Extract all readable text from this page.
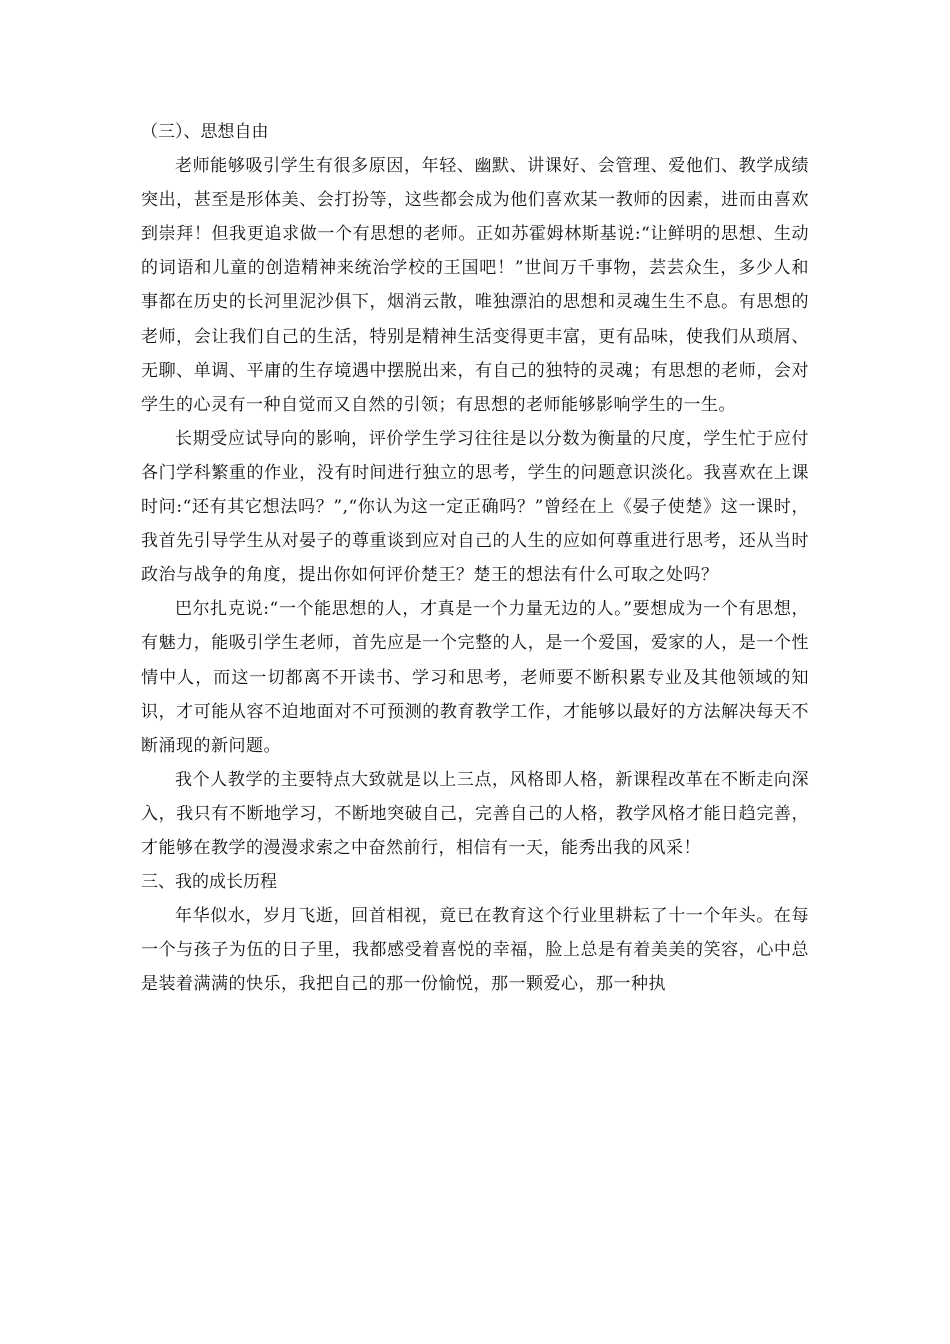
（三）、思想自由

老师能够吸引学生有很多原因，年轻、幽默、讲课好、会管理、爱他们、教学成绩突出，甚至是形体美、会打扮等，这些都会成为他们喜欢某一教师的因素，进而由喜欢到崇拜！但我更追求做一个有思想的老师。正如苏霍姆林斯基说:“让鲜明的思想、生动的词语和儿童的创造精神来统治学校的王国吧！”世间万千事物，芸芸众生，多少人和事都在历史的长河里泥沙俱下，烟消云散，唯独漂泊的思想和灵魂生生不息。有思想的老师，会让我们自己的生活，特别是精神生活变得更丰富，更有品味，使我们从琐屑、无聊、单调、平庸的生存境遇中摆脱出来，有自己的独特的灵魂；有思想的老师，会对学生的心灵有一种自觉而又自然的引领；有思想的老师能够影响学生的一生。

长期受应试导向的影响，评价学生学习往往是以分数为衡量的尺度，学生忙于应付各门学科繁重的作业，没有时间进行独立的思考，学生的问题意识淡化。我喜欢在上课时问:“还有其它想法吗？”,“你认为这一定正确吗？”曾经在上《晏子使楚》这一课时，我首先引导学生从对晏子的尊重谈到应对自己的人生的应如何尊重进行思考，还从当时政治与战争的角度，提出你如何评价楚王？楚王的想法有什么可取之处吗？

巴尔扎克说:“一个能思想的人，才真是一个力量无边的人。”要想成为一个有思想，有魅力，能吸引学生老师，首先应是一个完整的人，是一个爱国，爱家的人，是一个性情中人，而这一切都离不开读书、学习和思考，老师要不断积累专业及其他领域的知识，才可能从容不迫地面对不可预测的教育教学工作，才能够以最好的方法解决每天不断涌现的新问题。

我个人教学的主要特点大致就是以上三点，风格即人格，新课程改革在不断走向深入，我只有不断地学习，不断地突破自己，完善自己的人格，教学风格才能日趋完善，才能够在教学的漫漫求索之中奋然前行，相信有一天，能秀出我的风采！

三、我的成长历程

年华似水，岁月飞逝，回首相视，竟已在教育这个行业里耕耘了十一个年头。在每一个与孩子为伍的日子里，我都感受着喜悦的幸福，脸上总是有着美美的笑容，心中总是装着满满的快乐，我把自己的那一份愉悦，那一颗爱心，那一种执
